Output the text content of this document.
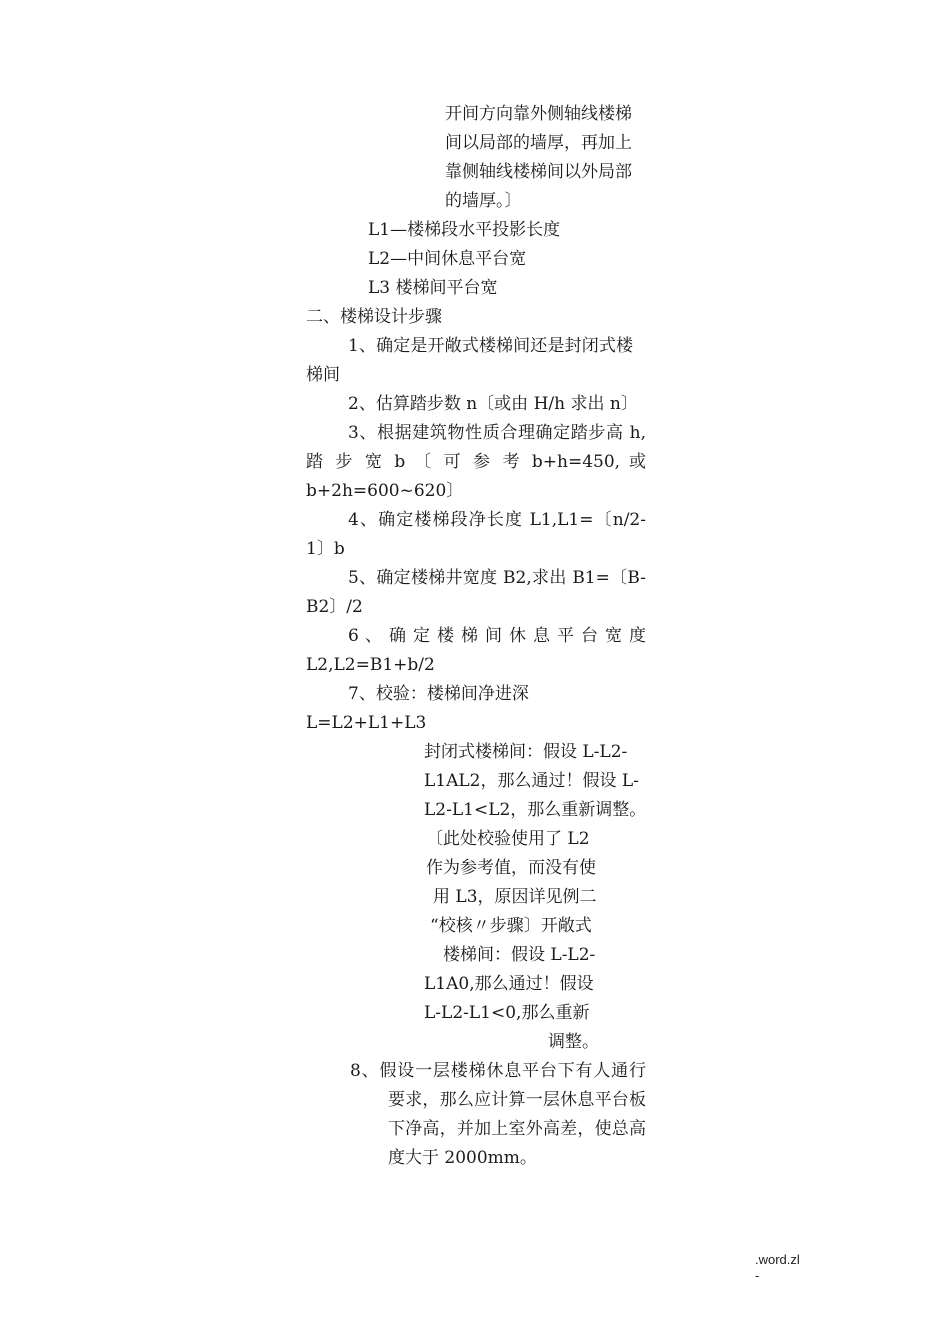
开间方向靠外侧轴线楼梯
间以局部的墙厚，再加上
靠侧轴线楼梯间以外局部
的墙厚。〕
L1—楼梯段水平投影长度
L2—中间休息平台宽
L3 楼梯间平台宽
二、楼梯设计步骤
1、确定是开敞式楼梯间还是封闭式楼
梯间
2、估算踏步数 n〔或由 H/h 求出 n〕
3、根据建筑物性质合理确定踏步高 h,
踏 步 宽 b 〔 可 参 考 b+h=450, 或
b+2h=600~620〕
4、确定楼梯段净长度 L1,L1=〔n/2-
1〕b
5、确定楼梯井宽度 B2,求出 B1=〔B-
B2〕/2
6 、 确 定 楼 梯 间 休 息 平 台 宽 度
L2,L2=B1+b/2
7、校验：楼梯间净进深
L=L2+L1+L3
封闭式楼梯间：假设 L-L2-
L1AL2，那么通过！假设 L-
L2-L1<L2，那么重新调整。
〔此处校验使用了 L2
作为参考值，而没有使
用 L3，原因详见例二
“校核〃步骤〕开敞式
楼梯间：假设 L-L2-
L1A0,那么通过！假设
L-L2-L1<0,那么重新
调整。
8、假设一层楼梯休息平台下有人通行
要求，那么应计算一层休息平台板
下净高，并加上室外高差，使总高
度大于 2000mm。
.word.zl
-
